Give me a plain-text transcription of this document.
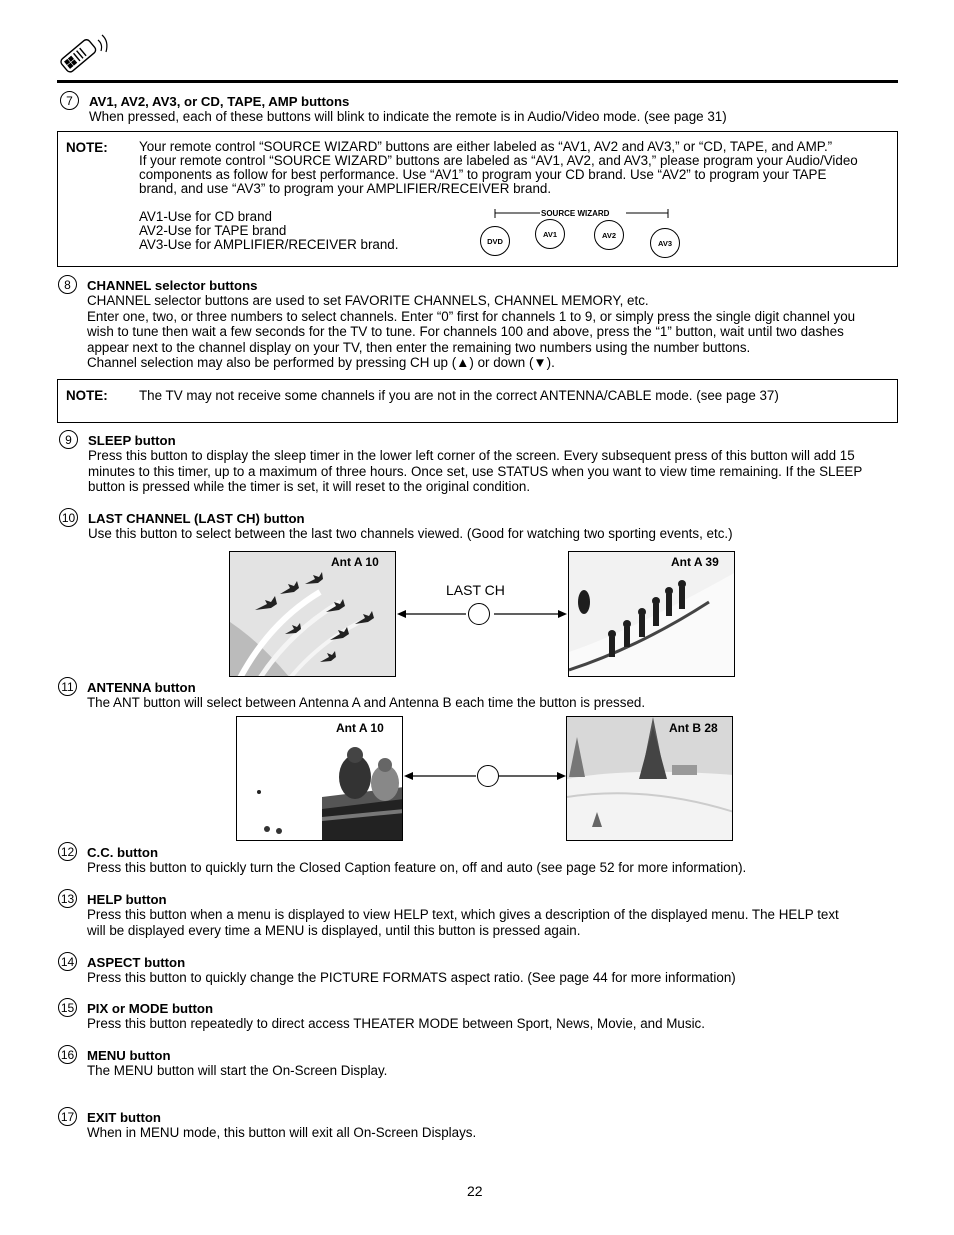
7	AV1, AV2, AV3, or CD, TAPE, AMP buttons
When pressed, each of these buttons will blink to indicate the remote is in Audio/Video mode. (see page 31)
NOTE: Your remote control “SOURCE WIZARD” buttons are either labeled as “AV1, AV2 and AV3,” or “CD, TAPE, and AMP.”
If your remote control “SOURCE WIZARD” buttons are labeled as “AV1, AV2, and AV3,” please program your Audio/Video
components as follow for best performance. Use “AV1” to program your CD brand. Use “AV2” to program your TAPE
brand, and use “AV3” to program your AMPLIFIER/RECEIVER brand.
AV1-Use for CD brand
AV2-Use for TAPE brand
AV3-Use for AMPLIFIER/RECEIVER brand.
SOURCE WIZARD
DVD
AV1	AV2
AV3
8	CHANNEL selector buttons
CHANNEL selector buttons are used to set FAVORITE CHANNELS, CHANNEL MEMORY, etc.
Enter one, two, or three numbers to select channels. Enter “0” first for channels 1 to 9, or simply press the single digit channel you
wish to tune then wait a few seconds for the TV to tune. For channels 100 and above, press the “1” button, wait until two dashes
appear next to the channel display on your TV, then enter the remaining two numbers using the number buttons.
Channel selection may also be performed by pressing CH up (▲) or down (▼).
NOTE: The TV may not receive some channels if you are not in the correct ANTENNA/CABLE mode. (see page 37)
9	SLEEP button
Press this button to display the sleep timer in the lower left corner of the screen. Every subsequent press of this button will add 15
minutes to this timer, up to a maximum of three hours. Once set, use STATUS when you want to view time remaining. If the SLEEP
button is pressed while the timer is set, it will reset to the original condition.
10 LAST CHANNEL (LAST CH) button
Use this button to select between the last two channels viewed. (Good for watching two sporting events, etc.)
Ant A 10
LAST CH
Ant A 39
11 ANTENNA button
The ANT button will select between Antenna A and Antenna B each time the button is pressed.
Ant A 10	Ant B 28
12 C.C. button
Press this button to quickly turn the Closed Caption feature on, off and auto (see page 52 for more information).
13 HELP button
Press this button when a menu is displayed to view HELP text, which gives a description of the displayed menu. The HELP text
will be displayed every time a MENU is displayed, until this button is pressed again.
14 ASPECT button
Press this button to quickly change the PICTURE FORMATS aspect ratio. (See page 44 for more information)
15 PIX or MODE button
Press this button repeatedly to direct access THEATER MODE between Sport, News, Movie, and Music.
16 MENU button
The MENU button will start the On-Screen Display.
17 EXIT button
When in MENU mode, this button will exit all On-Screen Displays.
22
